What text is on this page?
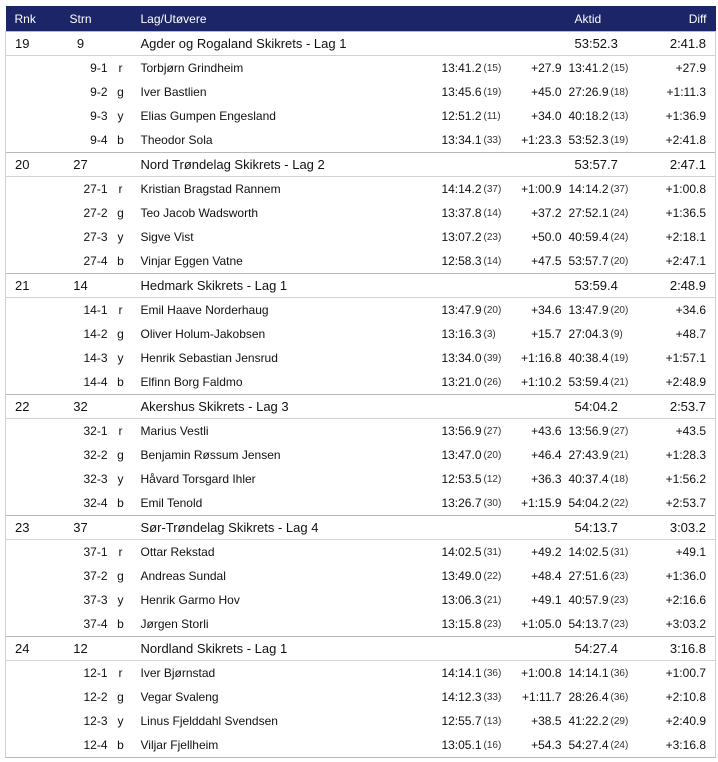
Rnk	Strn		Lag/Utøvere				Aktid		Diff
19	9		Agder og Rogaland Skikrets - Lag 1				53:52.3		2:41.8
	9-1	r	Torbjørn Grindheim	13:41.2	(15)	+27.9	13:41.2	(15)	+27.9
	9-2	g	Iver Bastlien	13:45.6	(19)	+45.0	27:26.9	(18)	+1:11.3
	9-3	y	Elias Gumpen Engesland	12:51.2	(11)	+34.0	40:18.2	(13)	+1:36.9
	9-4	b	Theodor Sola	13:34.1	(33)	+1:23.3	53:52.3	(19)	+2:41.8
20	27		Nord Trøndelag Skikrets - Lag 2				53:57.7		2:47.1
	27-1	r	Kristian Bragstad Rannem	14:14.2	(37)	+1:00.9	14:14.2	(37)	+1:00.8
	27-2	g	Teo Jacob Wadsworth	13:37.8	(14)	+37.2	27:52.1	(24)	+1:36.5
	27-3	y	Sigve Vist	13:07.2	(23)	+50.0	40:59.4	(24)	+2:18.1
	27-4	b	Vinjar Eggen Vatne	12:58.3	(14)	+47.5	53:57.7	(20)	+2:47.1
21	14		Hedmark Skikrets - Lag 1				53:59.4		2:48.9
	14-1	r	Emil Haave Norderhaug	13:47.9	(20)	+34.6	13:47.9	(20)	+34.6
	14-2	g	Oliver Holum-Jakobsen	13:16.3	(3)	+15.7	27:04.3	(9)	+48.7
	14-3	y	Henrik Sebastian Jensrud	13:34.0	(39)	+1:16.8	40:38.4	(19)	+1:57.1
	14-4	b	Elfinn Borg Faldmo	13:21.0	(26)	+1:10.2	53:59.4	(21)	+2:48.9
22	32		Akershus Skikrets - Lag 3				54:04.2		2:53.7
	32-1	r	Marius Vestli	13:56.9	(27)	+43.6	13:56.9	(27)	+43.5
	32-2	g	Benjamin Røssum Jensen	13:47.0	(20)	+46.4	27:43.9	(21)	+1:28.3
	32-3	y	Håvard Torsgard Ihler	12:53.5	(12)	+36.3	40:37.4	(18)	+1:56.2
	32-4	b	Emil Tenold	13:26.7	(30)	+1:15.9	54:04.2	(22)	+2:53.7
23	37		Sør-Trøndelag Skikrets - Lag 4				54:13.7		3:03.2
	37-1	r	Ottar Rekstad	14:02.5	(31)	+49.2	14:02.5	(31)	+49.1
	37-2	g	Andreas Sundal	13:49.0	(22)	+48.4	27:51.6	(23)	+1:36.0
	37-3	y	Henrik Garmo Hov	13:06.3	(21)	+49.1	40:57.9	(23)	+2:16.6
	37-4	b	Jørgen Storli	13:15.8	(23)	+1:05.0	54:13.7	(23)	+3:03.2
24	12		Nordland Skikrets - Lag 1				54:27.4		3:16.8
	12-1	r	Iver Bjørnstad	14:14.1	(36)	+1:00.8	14:14.1	(36)	+1:00.7
	12-2	g	Vegar Svaleng	14:12.3	(33)	+1:11.7	28:26.4	(36)	+2:10.8
	12-3	y	Linus Fjelddahl Svendsen	12:55.7	(13)	+38.5	41:22.2	(29)	+2:40.9
	12-4	b	Viljar Fjellheim	13:05.1	(16)	+54.3	54:27.4	(24)	+3:16.8
